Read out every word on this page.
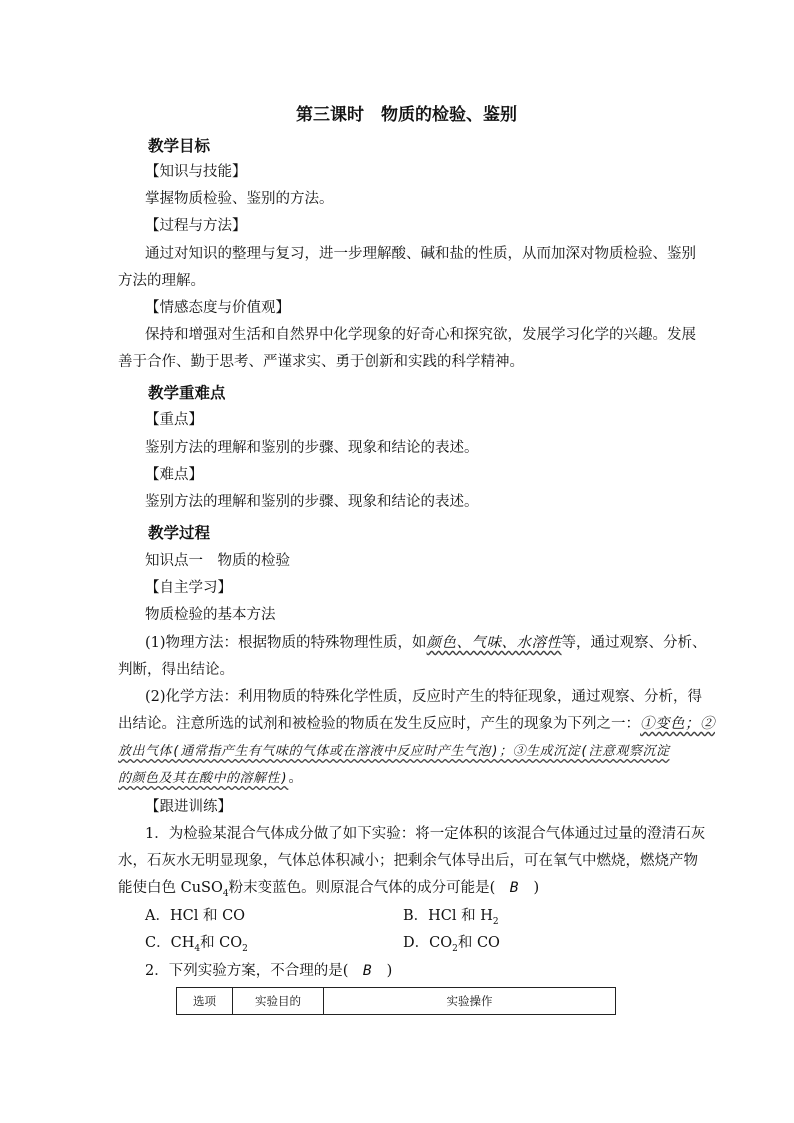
第三课时　物质的检验、鉴别
教学目标
【知识与技能】
掌握物质检验、鉴别的方法。
【过程与方法】
通过对知识的整理与复习，进一步理解酸、碱和盐的性质，从而加深对物质检验、鉴别
方法的理解。
【情感态度与价值观】
保持和增强对生活和自然界中化学现象的好奇心和探究欲，发展学习化学的兴趣。发展
善于合作、勤于思考、严谨求实、勇于创新和实践的科学精神。
教学重难点
【重点】
鉴别方法的理解和鉴别的步骤、现象和结论的表述。
【难点】
鉴别方法的理解和鉴别的步骤、现象和结论的表述。
教学过程
知识点一　物质的检验
【自主学习】
物质检验的基本方法
(1)物理方法：根据物质的特殊物理性质，如颜色、气味、水溶性等，通过观察、分析、
判断，得出结论。
(2)化学方法：利用物质的特殊化学性质，反应时产生的特征现象，通过观察、分析，得
出结论。注意所选的试剂和被检验的物质在发生反应时，产生的现象为下列之一：①变色；②
放出气体(通常指产生有气味的气体或在溶液中反应时产生气泡)；③生成沉淀(注意观察沉淀
的颜色及其在酸中的溶解性)。
【跟进训练】
1．为检验某混合气体成分做了如下实验：将一定体积的该混合气体通过过量的澄清石灰
水，石灰水无明显现象，气体总体积减小；把剩余气体导出后，可在氧气中燃烧，燃烧产物
能使白色 CuSO$_4$粉末变蓝色。则原混合气体的成分可能是(　B　)
A．HCl 和 CO	B．HCl 和 $H_2$
C．$CH_4$和 $CO_2$	D．$CO_2$和 CO
2．下列实验方案，不合理的是(　B　)
选项	实验目的	实验操作
